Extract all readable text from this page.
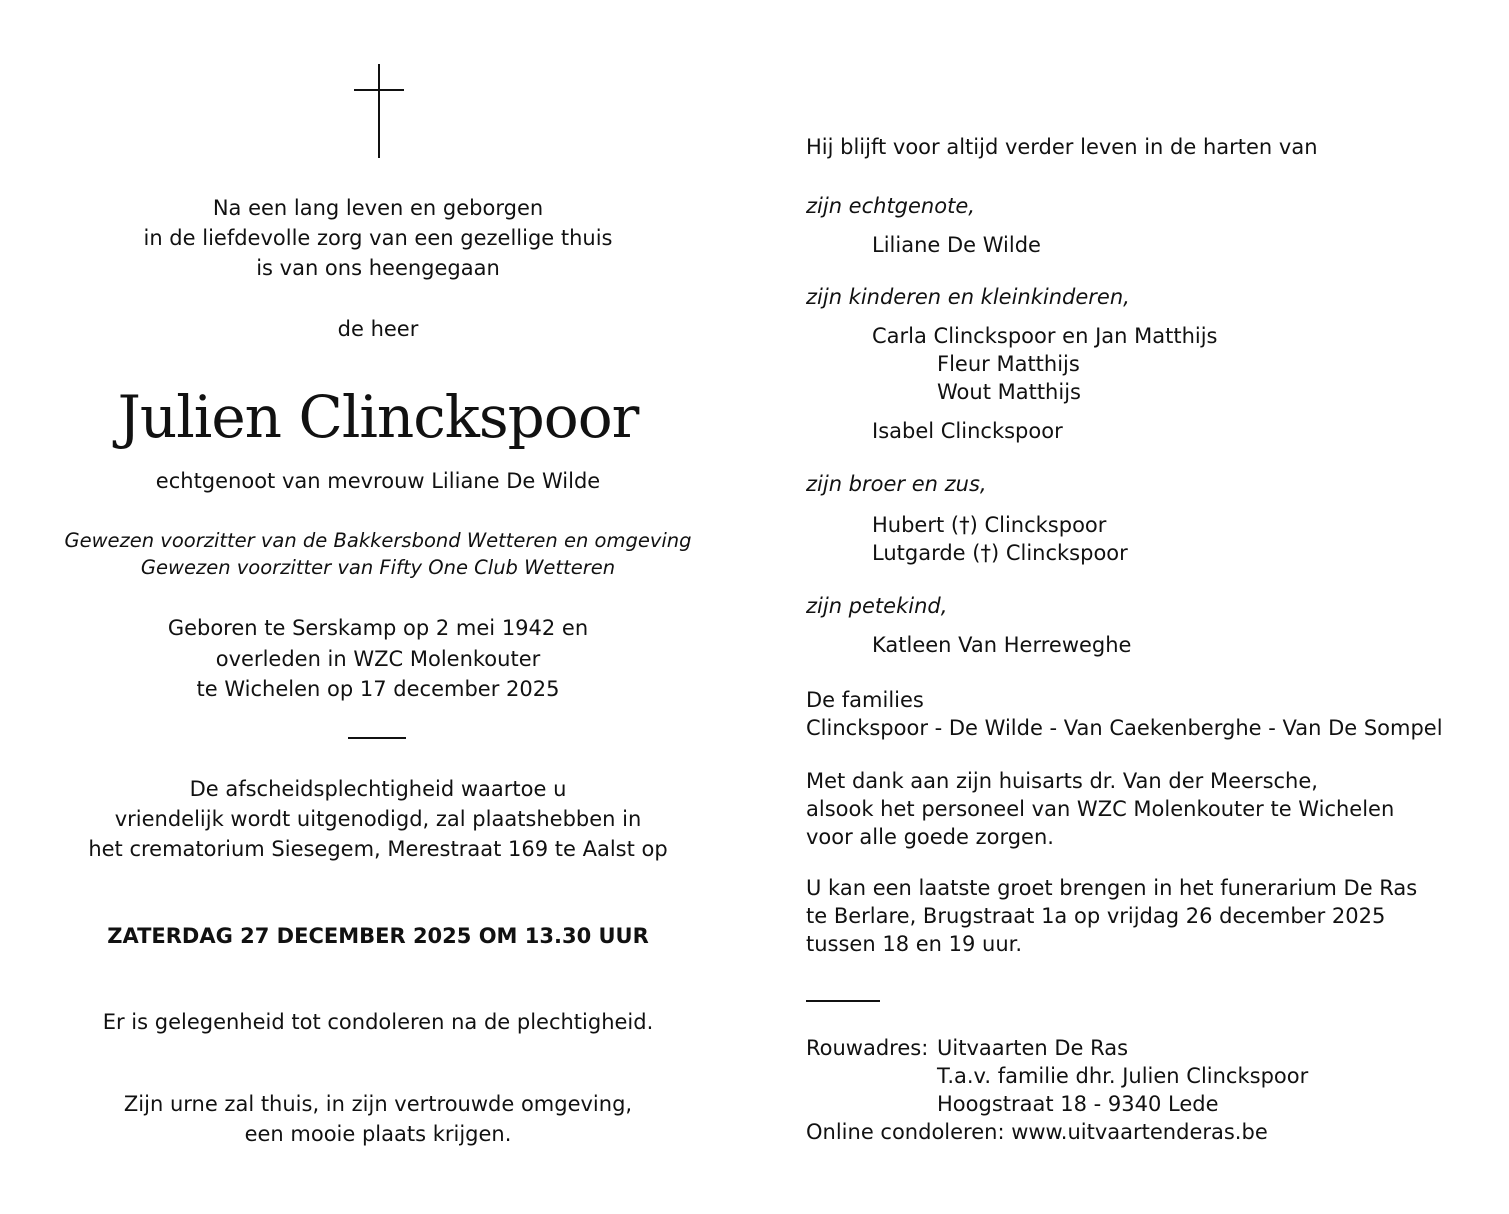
Na een lang leven en geborgen
in de liefdevolle zorg van een gezellige thuis
is van ons heengegaan
de heer
Julien Clinckspoor
echtgenoot van mevrouw Liliane De Wilde
Gewezen voorzitter van de Bakkersbond Wetteren en omgeving
Gewezen voorzitter van Fifty One Club Wetteren
Geboren te Serskamp op 2 mei 1942 en
overleden in WZC Molenkouter
te Wichelen op 17 december 2025
De afscheidsplechtigheid waartoe u
vriendelijk wordt uitgenodigd, zal plaatshebben in
het crematorium Siesegem, Merestraat 169 te Aalst op
ZATERDAG 27 DECEMBER 2025 OM 13.30 UUR
Er is gelegenheid tot condoleren na de plechtigheid.
Zijn urne zal thuis, in zijn vertrouwde omgeving,
een mooie plaats krijgen.
Hij blijft voor altijd verder leven in de harten van
zijn echtgenote,
Liliane De Wilde
zijn kinderen en kleinkinderen,
Carla Clinckspoor en Jan Matthijs
Fleur Matthijs
Wout Matthijs
Isabel Clinckspoor
zijn broer en zus,
Hubert (†) Clinckspoor
Lutgarde (†) Clinckspoor
zijn petekind,
Katleen Van Herreweghe
De families
Clinckspoor - De Wilde - Van Caekenberghe - Van De Sompel
Met dank aan zijn huisarts dr. Van der Meersche,
alsook het personeel van WZC Molenkouter te Wichelen
voor alle goede zorgen.
U kan een laatste groet brengen in het funerarium De Ras
te Berlare, Brugstraat 1a op vrijdag 26 december 2025
tussen 18 en 19 uur.
Rouwadres: Uitvaarten De Ras
T.a.v. familie dhr. Julien Clinckspoor
Hoogstraat 18 - 9340 Lede
Online condoleren: www.uitvaartenderas.be
